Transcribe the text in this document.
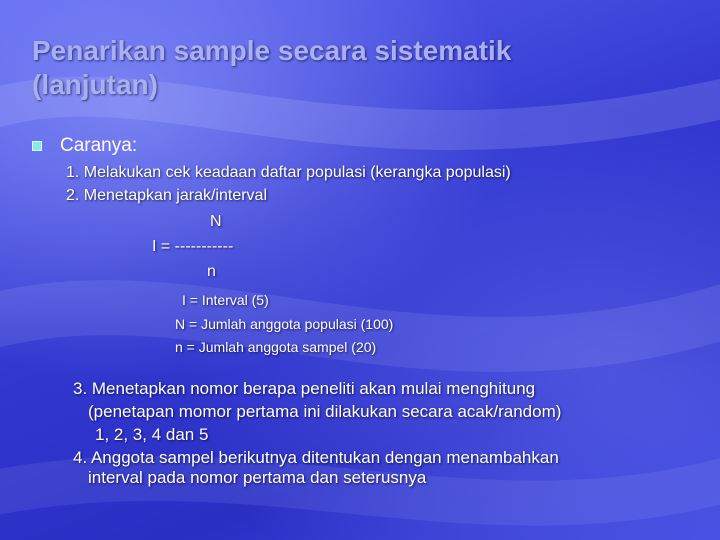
Penarikan sample secara sistematik
(lanjutan)
Caranya:
1. Melakukan cek keadaan daftar populasi (kerangka populasi)
2. Menetapkan jarak/interval
N
I = -----------
n
I = Interval (5)
N = Jumlah anggota populasi (100)
n = Jumlah anggota sampel (20)
3. Menetapkan nomor berapa peneliti akan mulai menghitung
(penetapan momor pertama ini dilakukan secara acak/random)
1, 2, 3, 4 dan 5
4. Anggota sampel berikutnya ditentukan dengan menambahkan
interval pada nomor pertama dan seterusnya
